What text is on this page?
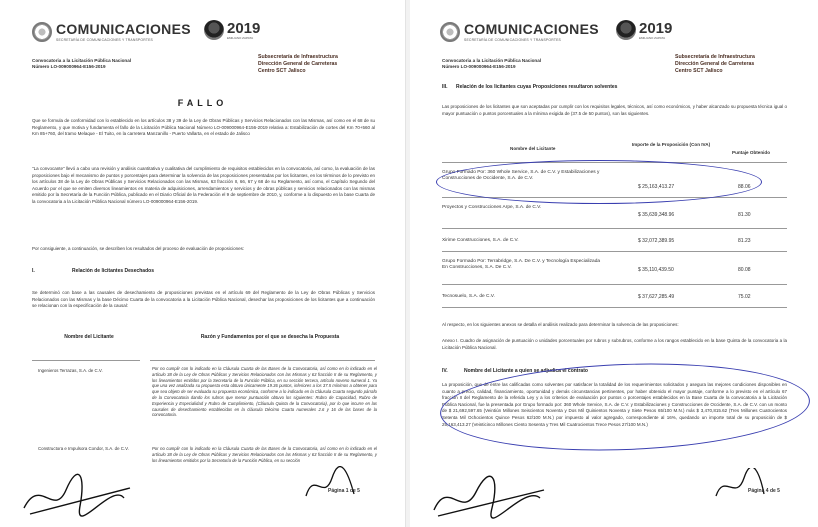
COMUNICACIONES
SECRETARÍA DE COMUNICACIONES Y TRANSPORTES
2019
EMILIANO ZAPATA
Convocatoria a la Licitación Pública Nacional
Número LO-009000964-E156-2019
Subsecretaría de Infraestructura
Dirección General de Carreteras
Centro SCT Jalisco
FALLO
Que se formula de conformidad con lo establecido en los artículos 38 y 39 de la Ley de Obras Públicas y Servicios Relacionados con las Mismas, así como en el 68 de su Reglamento, y que motiva y fundamenta el fallo de la Licitación Pública Nacional Número LO-009000964-E156-2019 relativa a: Estabilización de cortes del Km 70+560 al Km 85+760, del tramo Melaque - El Tuito, en la carretera Manzanillo - Puerto Vallarta, en el estado de Jalisco
"La convocante" llevó a cabo una revisión y análisis cuantitativa y cualitativa del cumplimiento de requisitos establecidos en la convocatoria, así como, la evaluación de las proposiciones bajo el mecanismo de puntos y porcentajes para determinar la solvencia de las proposiciones presentadas por los licitantes, en los términos de lo previsto en los artículos 38 de la Ley de Obras Públicas y Servicios Relacionados con las Mismas, 63 fracción II, 66, 67 y 68 de su Reglamento, así como, el Capítulo Segundo del Acuerdo por el que se emiten diversos lineamientos en materia de adquisiciones, arrendamientos y servicios y de obras públicas y servicios relacionados con las mismas emitido por la Secretaría de la Función Pública, publicado en el Diario Oficial de la Federación el 9 de septiembre de 2010, y, conforme a lo dispuesto en la base Cuarta de la convocatoria a la Licitación Pública Nacional número LO-009000964-E156-2019.
Por consiguiente, a continuación, se describen los resultados del proceso de evaluación de proposiciones:
I.	Relación de licitantes Desechados
Se determinó con base a las causales de desechamiento de proposiciones previstas en el artículo 69 del Reglamento de la Ley de Obras Públicas y Servicios Relacionados con las Mismas y la base Décimo Cuarta de la convocatoria a la Licitación Pública Nacional, desechar las proposiciones de los licitantes que a continuación se relacionan con la especificación de la causal:
Nombre del Licitante	Razón y Fundamentos por el que se desecha la Propuesta
Ingenieros Terrazas, S.A. de C.V.	Por no cumplir con lo indicado en la Cláusula Cuarta de las Bases de la Convocatoria, así como en lo indicado en el artículo 38 de la Ley de Obras Públicas y Servicios Relacionados con las Mismas y 63 fracción II de su Reglamento, y los lineamientos emitidos por la Secretaría de la Función Pública, en su sección tercera, artículo noveno numeral 1. Ya que una vez analizada su propuesta esta obtuvo únicamente 19.36 puntos, inferiores a los 37.5 mínimos a obtener para que sea objeto de ser evaluada su propuesta económica, conforme a lo indicado en la Cláusula Cuarta segundo párrafo de la Convocatoria dando los rubros que menor puntuación obtuvo los siguientes: Rubro de Capacidad, Rubro de Experiencia y Especialidad y Rubro de Cumplimiento, (Cláusula Quinta de la Convocatoria), por lo que incurre en las causales de desechamiento establecidas en la cláusula Décimo Cuarta numerales 2.6 y 16 de las bases de la convocatoria.
Constructora e Impulsora Condor, S.A. de C.V.	Por no cumplir con lo indicado en la Cláusula Cuarta de las Bases de la Convocatoria, así como en lo indicado en el artículo 38 de la Ley de Obras Públicas y Servicios Relacionados con las Mismas y 63 fracción II de su Reglamento, y los lineamientos emitidos por la Secretaría de la Función Pública, en su sección
Página 1 de 5
COMUNICACIONES
SECRETARÍA DE COMUNICACIONES Y TRANSPORTES
2019
EMILIANO ZAPATA
Convocatoria a la Licitación Pública Nacional
Número LO-009000964-E156-2019
Subsecretaría de Infraestructura
Dirección General de Carreteras
Centro SCT Jalisco
III. Relación de los licitantes cuyas Proposiciones resultaron solventes
Las proposiciones de los licitantes que son aceptadas por cumplir con los requisitos legales, técnicos, así como económicos, y haber alcanzado su propuesta técnica igual o mayor puntuación o puntos porcentuales a la mínima exigida de (37.5 de 50 puntos), son las siguientes.
Nombre del Licitante
Importe de la Proposición (Con IVA)
Puntaje Obtenido
Grupo Formado Por: 360 Whole Service, S.A. de C.V. y Estabilizaciones y Construcciones de Occidente, S.A. de C.V.
$ 25,163,413.27	88.06
Proyectos y Construcciones Arpe, S.A. de C.V.
$ 35,639,348.96	81.30
Xirime Construcciones, S.A. de C.V.	$ 32,072,389.95	81.23
Grupo Formado Por: Terrabridge, S.A. De C.V. y Tecnología Especializada En Construcciones, S.A. De C.V.	$ 35,110,439.50	80.08
Tecnosuelo, S.A. de C.V.	$ 37,627,285.49	75.02
Al respecto, en los siguientes anexos se detalla el análisis realizado para determinar la solvencia de las proposiciones:
Anexo I. Cuadro de asignación de puntuación o unidades porcentuales por rubros y subrubros, conforme a los rangos establecido en la base Quinta de la convocatoria a la Licitación Pública Nacional.
IV.	Nombre del Licitante a quien se adjudica el contrato
La proposición, que de entre las calificadas como solventes por satisfacer la totalidad de los requerimientos solicitados y asegura las mejores condiciones disponibles en cuanto a precio, calidad, financiamiento, oportunidad y demás circunstancias pertinentes, por haber obtenido el mayor puntaje, conforme a lo previsto en el artículo 67 fracción II del Reglamento de la referida Ley y a los criterios de evaluación por puntos o porcentajes establecidos en la Base Cuarta de la convocatoria a la Licitación Pública Nacional, fue la presentada por Grupo formado por: 360 Whole Service, S.A. de C.V. y Estabilizaciones y Construcciones de Occidente, S.A. de C.V. con un monto de $ 21,692,597.65 (Veintiún Millones Seiscientos Noventa y Dos Mil Quinientos Noventa y Siete Pesos 65/100 M.N.) más $ 3,470,815.62 (Tres Millones Cuatrocientos Setenta Mil Ochocientos Quince Pesos 62/100 M.N.) por impuesto al valor agregado, correspondiente al 16%, quedando un importe total de su proposición de $ 25,163,413.27 (Veinticinco Millones Ciento Sesenta y Tres Mil Cuatrocientos Trece Pesos 27/100 M.N.)
Página 4 de 5
